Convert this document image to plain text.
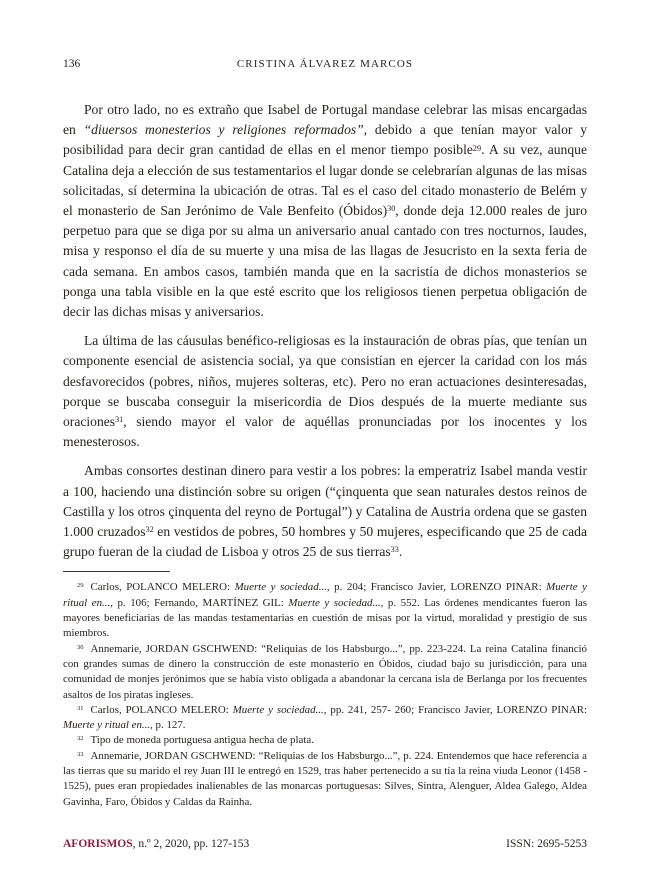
136	CRISTINA ÁLVAREZ MARCOS

Por otro lado, no es extraño que Isabel de Portugal mandase celebrar las misas encargadas en “diuersos monesterios y religiones reformados”, debido a que tenían mayor valor y posibilidad para decir gran cantidad de ellas en el menor tiempo posible$^{29}$. A su vez, aunque Catalina deja a elección de sus testamentarios el lugar donde se celebrarían algunas de las misas solicitadas, sí determina la ubicación de otras. Tal es el caso del citado monasterio de Belém y el monasterio de San Jerónimo de Vale Benfeito (Óbidos)$^{30}$, donde deja 12.000 reales de juro perpetuo para que se diga por su alma un aniversario anual cantado con tres nocturnos, laudes, misa y responso el día de su muerte y una misa de las llagas de Jesucristo en la sexta feria de cada semana. En ambos casos, también manda que en la sacristía de dichos monasterios se ponga una tabla visible en la que esté escrito que los religiosos tienen perpetua obligación de decir las dichas misas y aniversarios.

La última de las cáusulas benéfico-religiosas es la instauración de obras pías, que tenían un componente esencial de asistencia social, ya que consistían en ejercer la caridad con los más desfavorecidos (pobres, niños, mujeres solteras, etc). Pero no eran actuaciones desinteresadas, porque se buscaba conseguir la misericordia de Dios después de la muerte mediante sus oraciones$^{31}$, siendo mayor el valor de aquéllas pronunciadas por los inocentes y los menesterosos.

Ambas consortes destinan dinero para vestir a los pobres: la emperatriz Isabel manda vestir a 100, haciendo una distinción sobre su origen (“çinquenta que sean naturales destos reinos de Castilla y los otros çinquenta del reyno de Portugal”) y Catalina de Austria ordena que se gasten 1.000 cruzados$^{32}$ en vestidos de pobres, 50 hombres y 50 mujeres, especificando que 25 de cada grupo fueran de la ciudad de Lisboa y otros 25 de sus tierras$^{33}$.

$^{29}$ Carlos, POLANCO MELERO: Muerte y sociedad..., p. 204; Francisco Javier, LORENZO PINAR: Muerte y ritual en..., p. 106; Fernando, MARTÍNEZ GIL: Muerte y sociedad..., p. 552. Las órdenes mendicantes fueron las mayores beneficiarias de las mandas testamentarias en cuestión de misas por la virtud, moralidad y prestigio de sus miembros.

$^{30}$ Annemarie, JORDAN GSCHWEND: “Reliquias de los Habsburgo...”, pp. 223-224. La reina Catalina financió con grandes sumas de dinero la construcción de este monasterio en Óbidos, ciudad bajo su jurisdicción, para una comunidad de monjes jerónimos que se había visto obligada a abandonar la cercana isla de Berlanga por los frecuentes asaltos de los piratas ingleses.

$^{31}$ Carlos, POLANCO MELERO: Muerte y sociedad..., pp. 241, 257- 260; Francisco Javier, LORENZO PINAR: Muerte y ritual en..., p. 127.

$^{32}$ Tipo de moneda portuguesa antigua hecha de plata.

$^{33}$ Annemarie, JORDAN GSCHWEND: “Reliquias de los Habsburgo...”, p. 224. Entendemos que hace referencia a las tierras que su marido el rey Juan III le entregó en 1529, tras haber pertenecido a su tía la reina viuda Leonor (1458 - 1525), pues eran propiedades inalienables de las monarcas portuguesas: Silves, Sintra, Alenguer, Aldea Galego, Aldea Gavinha, Faro, Óbidos y Caldas da Rainha.

AFORISMOS, n.º 2, 2020, pp. 127-153	ISSN: 2695-5253
